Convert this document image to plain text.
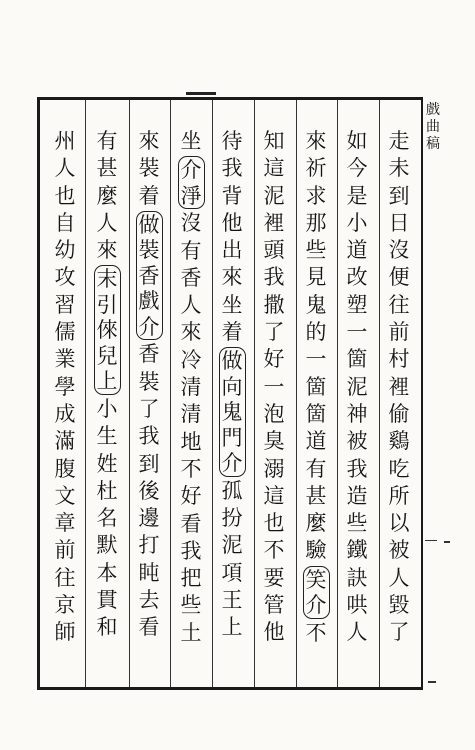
走
未
到
日
沒
便
往
前
村
裡
偷
鷄
吃
所
以
被
人
毀
了
如
今
是
小
道
改
塑
一
箇
泥
神
被
我
造
些
鐵
訣
哄
人
來
祈
求
那
些
見
鬼
的
一
箇
箇
道
有
甚
麼
驗
笑
介
不
知
這
泥
裡
頭
我
撒
了
好
一
泡
臭
溺
這
也
不
要
管
他
待
我
背
他
出
來
坐
着
做
向
鬼
門
介
孤
扮
泥
項
王
上
坐
介
淨
沒
有
香
人
來
冷
清
清
地
不
好
看
我
把
些
土
來
裝
着
做
裝
香
戲
介
香
裝
了
我
到
後
邊
打
盹
去
看
有
甚
麼
人
來
末
引
倈
兒
上
小
生
姓
杜
名
默
本
貫
和
州
人
也
自
幼
攻
習
儒
業
學
成
滿
腹
文
章
前
往
京
師
戲
曲
稿
